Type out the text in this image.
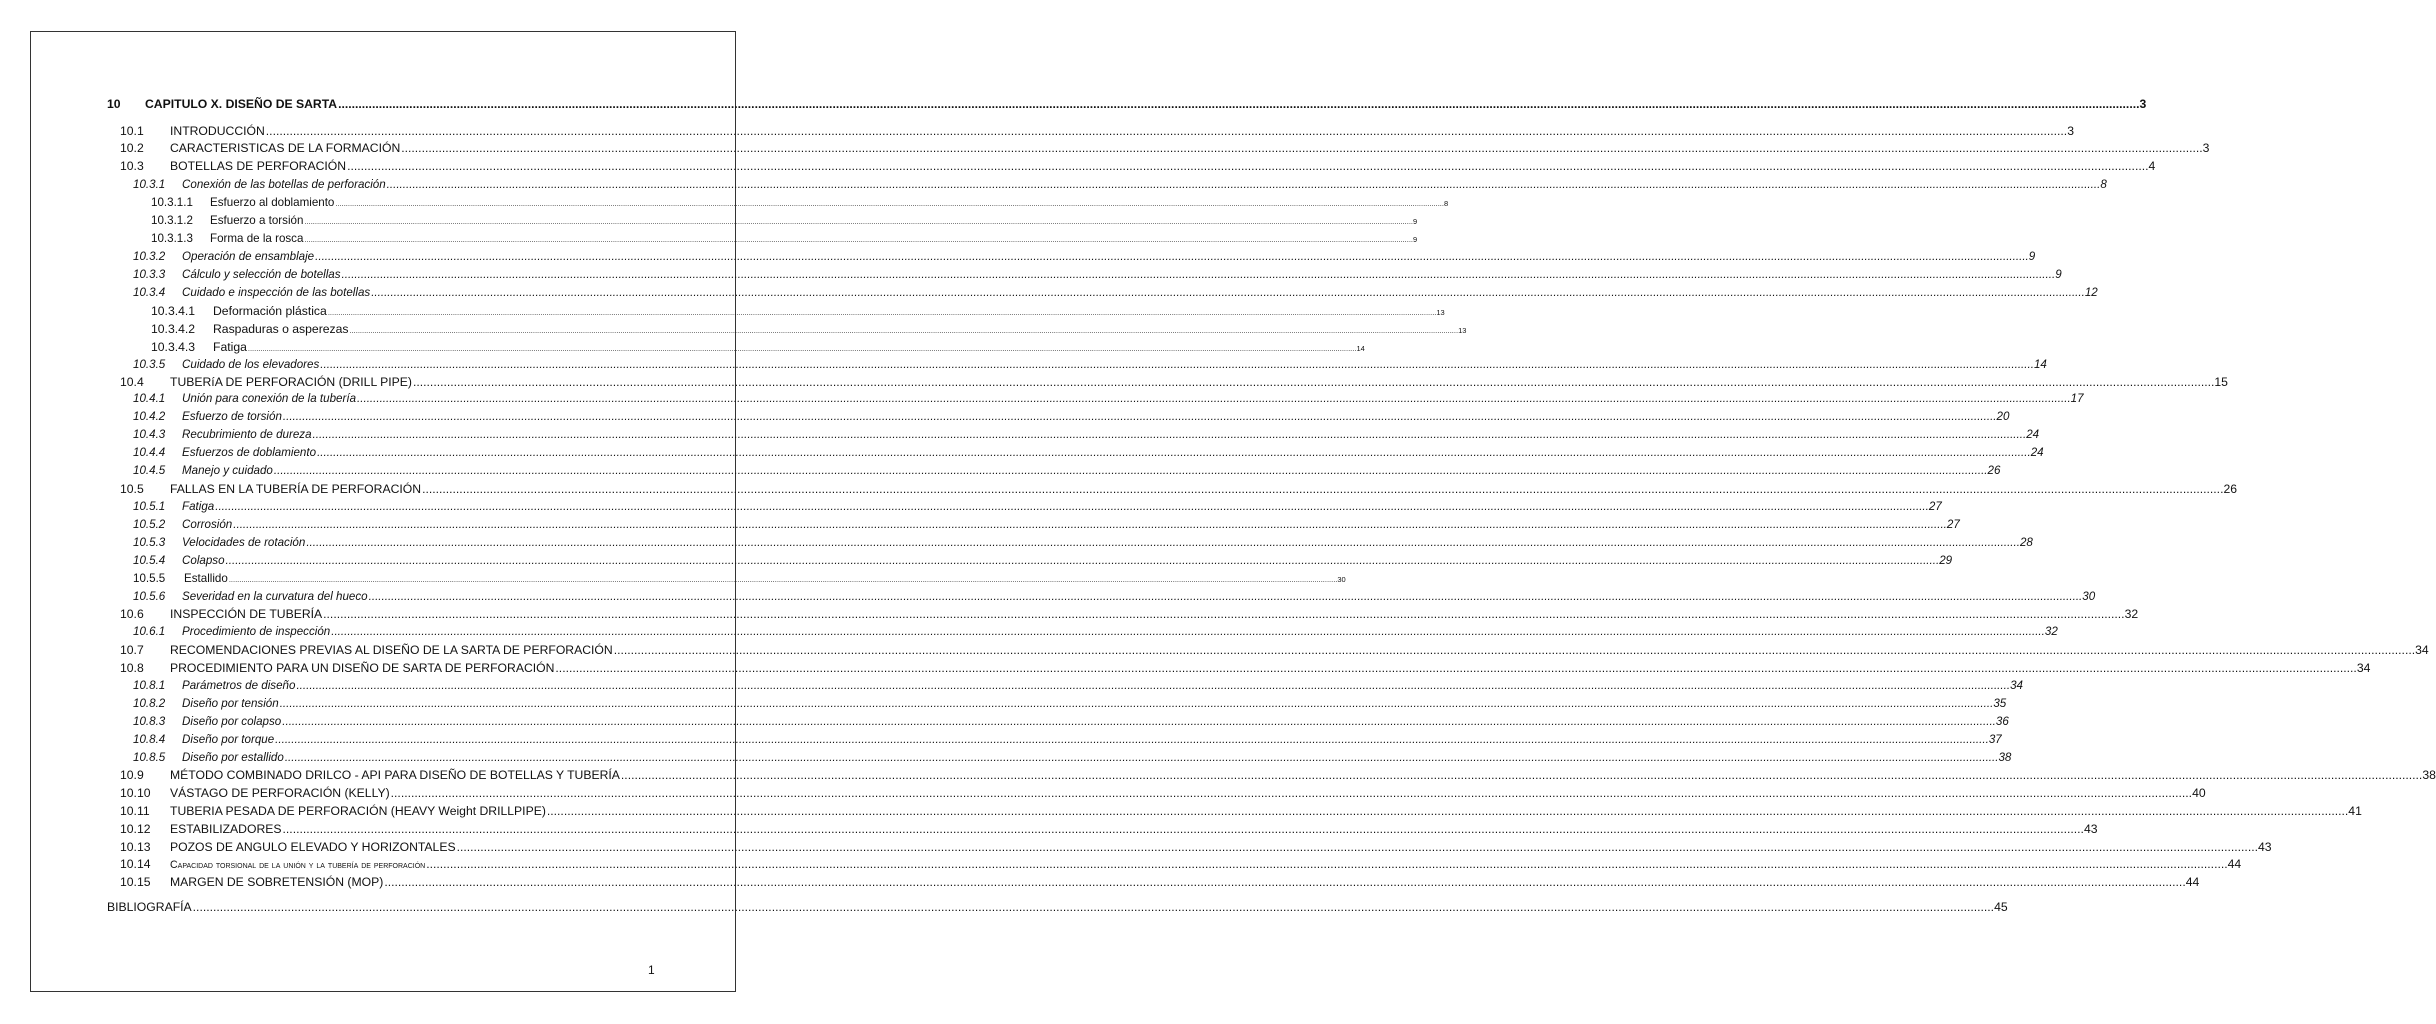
10	CAPITULO X. DISEÑO DE SARTA .....	3
10.1	INTRODUCCIÓN .....	3
10.2	CARACTERISTICAS DE LA FORMACIÓN .....	3
10.3	BOTELLAS DE PERFORACIÓN .....	4
10.3.1	Conexión de las botellas de perforación .....	8
10.3.1.1	Esfuerzo al doblamiento .....	8
10.3.1.2	Esfuerzo a torsión .....	9
10.3.1.3	Forma de la rosca .....	9
10.3.2	Operación de ensamblaje .....	9
10.3.3	Cálculo y selección de botellas .....	9
10.3.4	Cuidado e inspección de las botellas .....	12
10.3.4.1	Deformación plástica .....	13
10.3.4.2	Raspaduras o asperezas .....	13
10.3.4.3	Fatiga .....	14
10.3.5	Cuidado de los elevadores .....	14
10.4	TUBERíA DE PERFORACIÓN (DRILL PIPE) .....	15
10.4.1	Unión para conexión de la tubería .....	17
10.4.2	Esfuerzo de torsión .....	20
10.4.3	Recubrimiento de dureza .....	24
10.4.4	Esfuerzos de doblamiento .....	24
10.4.5	Manejo y cuidado .....	26
10.5	FALLAS EN LA TUBERÍA DE PERFORACIÓN .....	26
10.5.1	Fatiga .....	27
10.5.2	Corrosión .....	27
10.5.3	Velocidades de rotación .....	28
10.5.4	Colapso .....	29
10.5.5	Estallido .....	30
10.5.6	Severidad en la curvatura del hueco .....	30
10.6	INSPECCIÓN DE TUBERÍA .....	32
10.6.1	Procedimiento de inspección .....	32
10.7	RECOMENDACIONES PREVIAS AL DISEÑO DE LA SARTA DE PERFORACIÓN .....	34
10.8	PROCEDIMIENTO PARA UN DISEÑO DE SARTA DE PERFORACIÓN .....	34
10.8.1	Parámetros de diseño .....	34
10.8.2	Diseño por tensión .....	35
10.8.3	Diseño por colapso .....	36
10.8.4	Diseño por torque .....	37
10.8.5	Diseño por estallido .....	38
10.9	MÉTODO COMBINADO DRILCO - API PARA DISEÑO DE BOTELLAS Y TUBERÍA .....	38
10.10	VÁSTAGO DE PERFORACIÓN (KELLY) .....	40
10.11	TUBERIA PESADA DE PERFORACIÓN (HEAVY Weight DRILLPIPE) .....	41
10.12	ESTABILIZADORES .....	43
10.13	POZOS DE ANGULO ELEVADO Y HORIZONTALES .....	43
10.14	Capacidad torsional de la unión y la tubería de perforación .....	44
10.15	MARGEN DE SOBRETENSIÓN (MOP) .....	44
BIBLIOGRAFÍA .....	45
1
